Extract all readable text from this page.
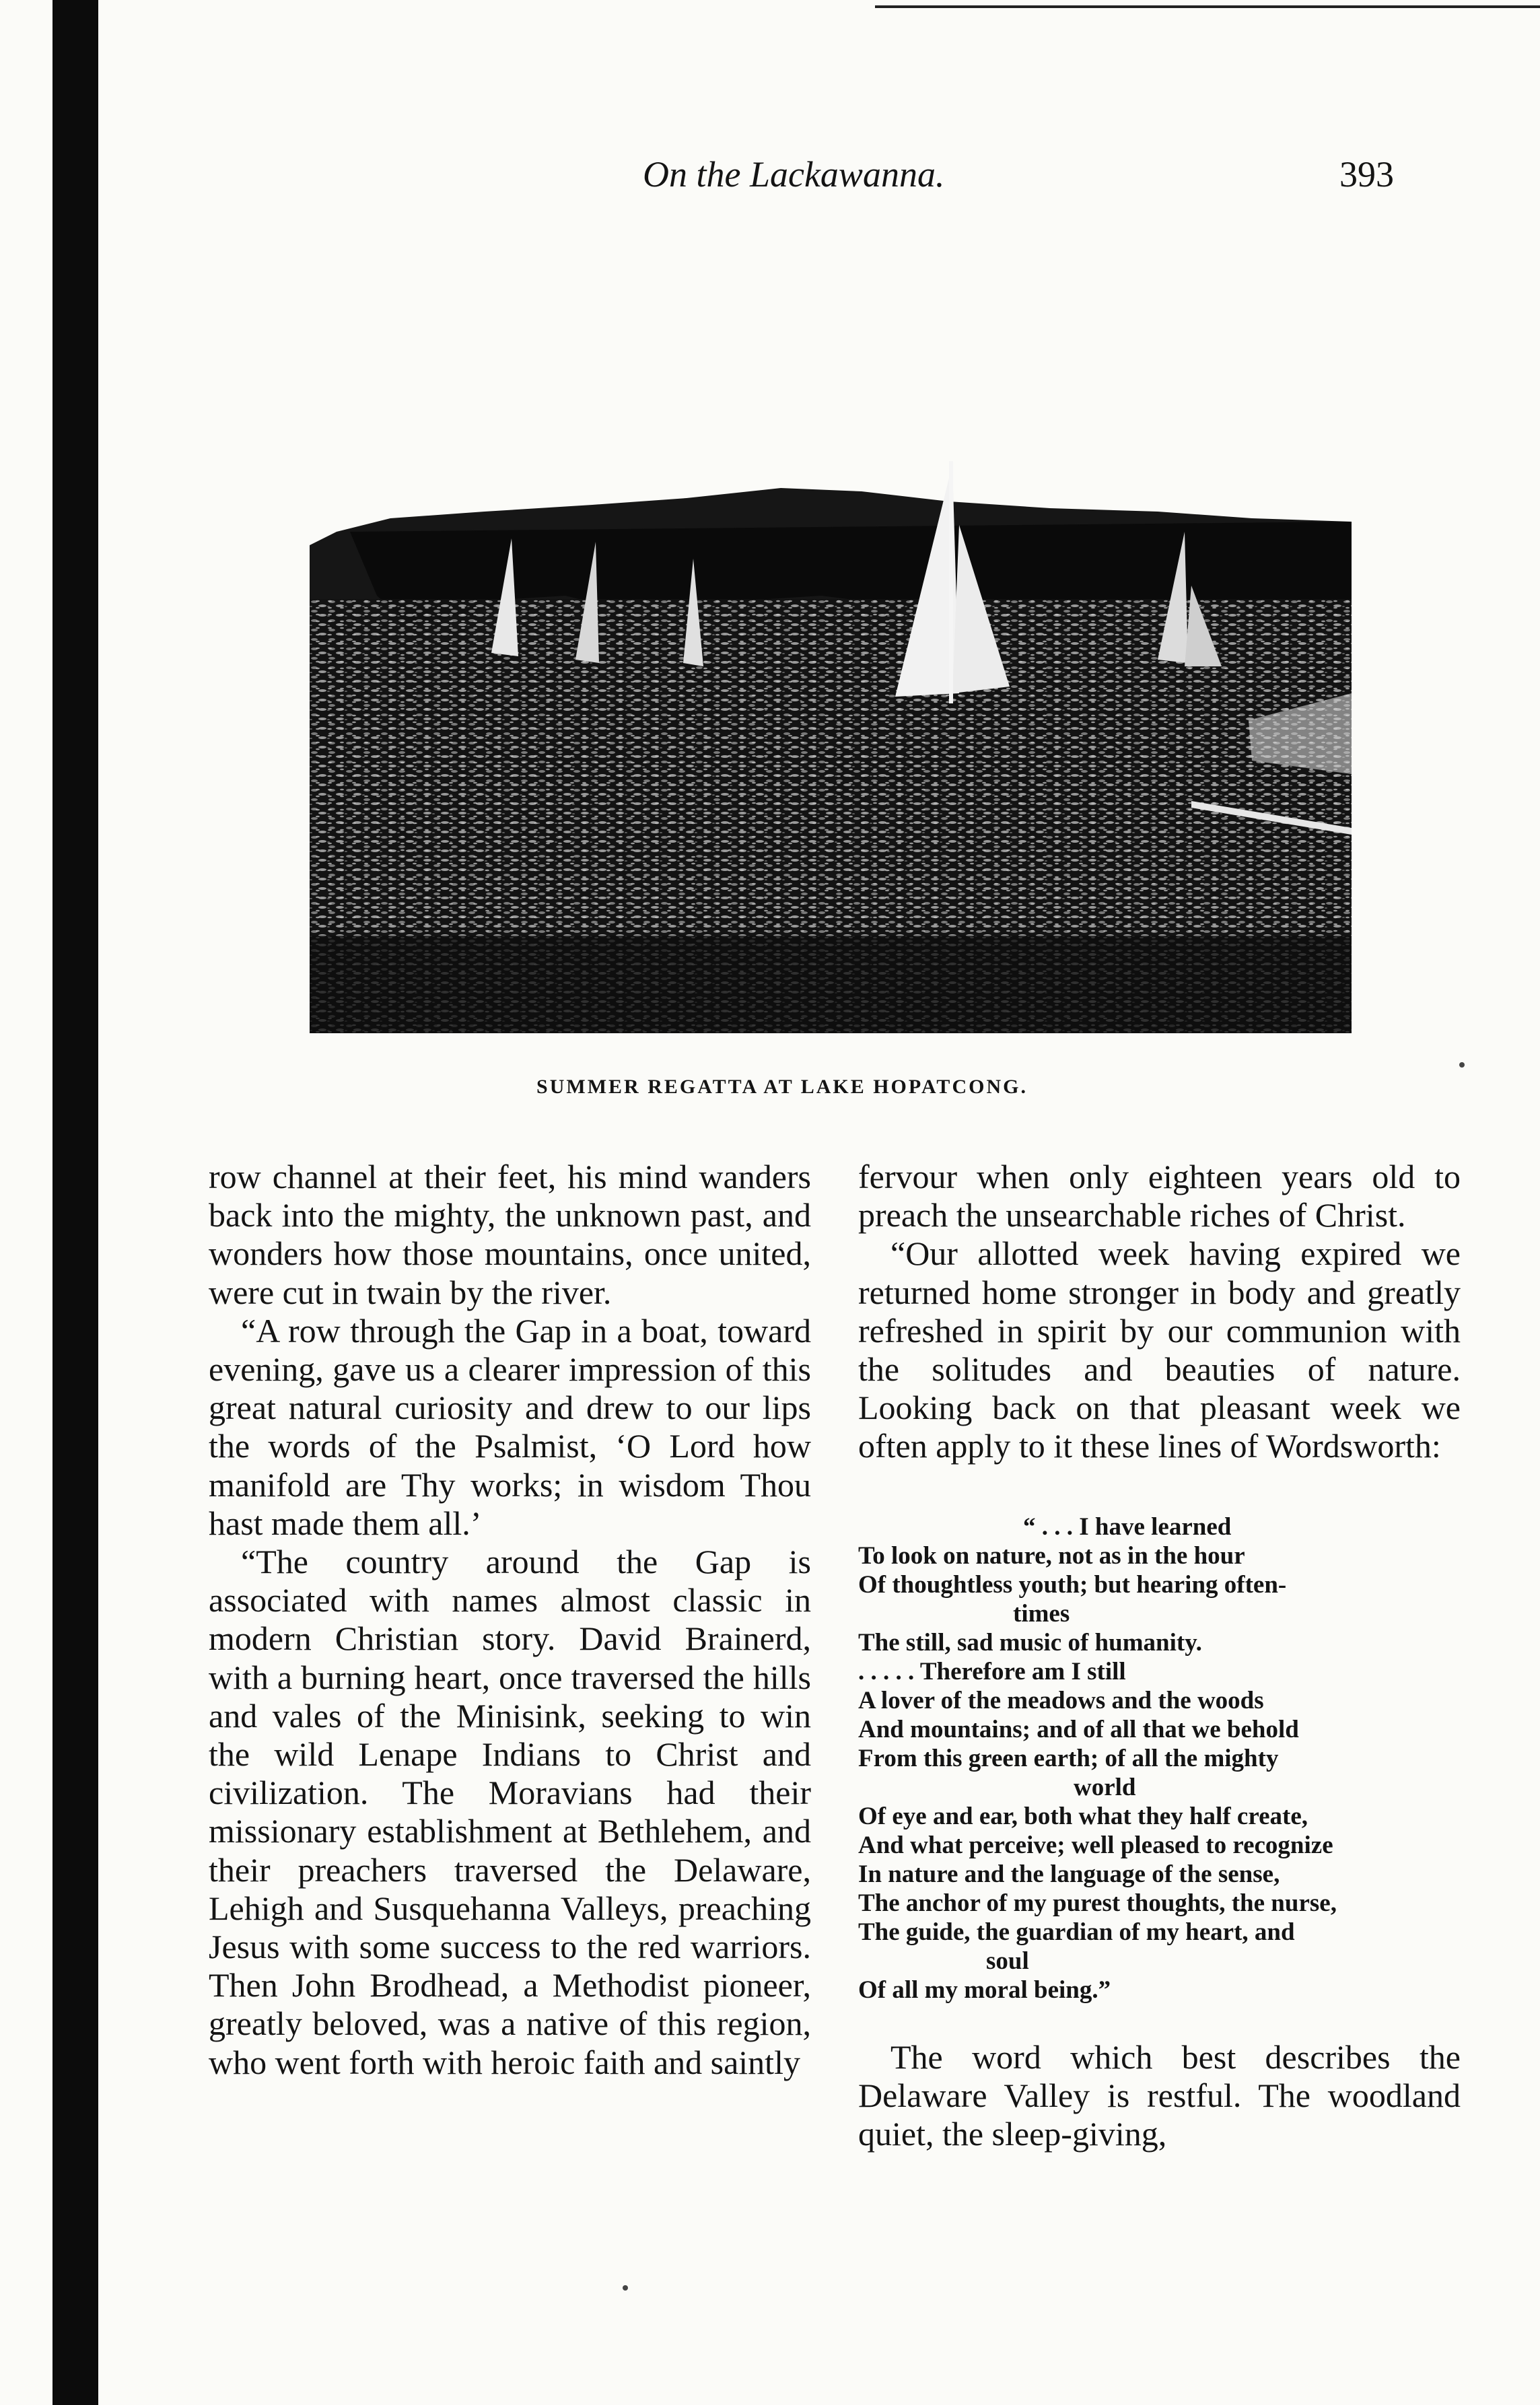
On the Lackawanna.	393
SUMMER REGATTA AT LAKE HOPATCONG.

row channel at their feet, his mind wanders back into the mighty, the unknown past, and wonders how those mountains, once united, were cut in twain by the river.

“A row through the Gap in a boat, toward evening, gave us a clearer impression of this great natural curiosity and drew to our lips the words of the Psalmist, ‘O Lord how manifold are Thy works; in wisdom Thou hast made them all.’

“The country around the Gap is associated with names almost classic in modern Christian story. David Brainerd, with a burning heart, once traversed the hills and vales of the Minisink, seeking to win the wild Lenape Indians to Christ and civilization. The Moravians had their missionary establishment at Bethlehem, and their preachers traversed the Delaware, Lehigh and Susquehanna Valleys, preaching Jesus with some success to the red warriors. Then John Brodhead, a Methodist pioneer, greatly beloved, was a native of this region, who went forth with heroic faith and saintly

fervour when only eighteen years old to preach the unsearchable riches of Christ.

“Our allotted week having expired we returned home stronger in body and greatly refreshed in spirit by our communion with the solitudes and beauties of nature. Looking back on that pleasant week we often apply to it these lines of Wordsworth:

“ . . . I have learned
To look on nature, not as in the hour
Of thoughtless youth; but hearing often-
times
The still, sad music of humanity.
. . . . . Therefore am I still
A lover of the meadows and the woods
And mountains; and of all that we behold
From this green earth; of all the mighty
world
Of eye and ear, both what they half create,
And what perceive; well pleased to recognize
In nature and the language of the sense,
The anchor of my purest thoughts, the nurse,
The guide, the guardian of my heart, and
soul
Of all my moral being.”

The word which best describes the Delaware Valley is restful. The woodland quiet, the sleep-giving,
